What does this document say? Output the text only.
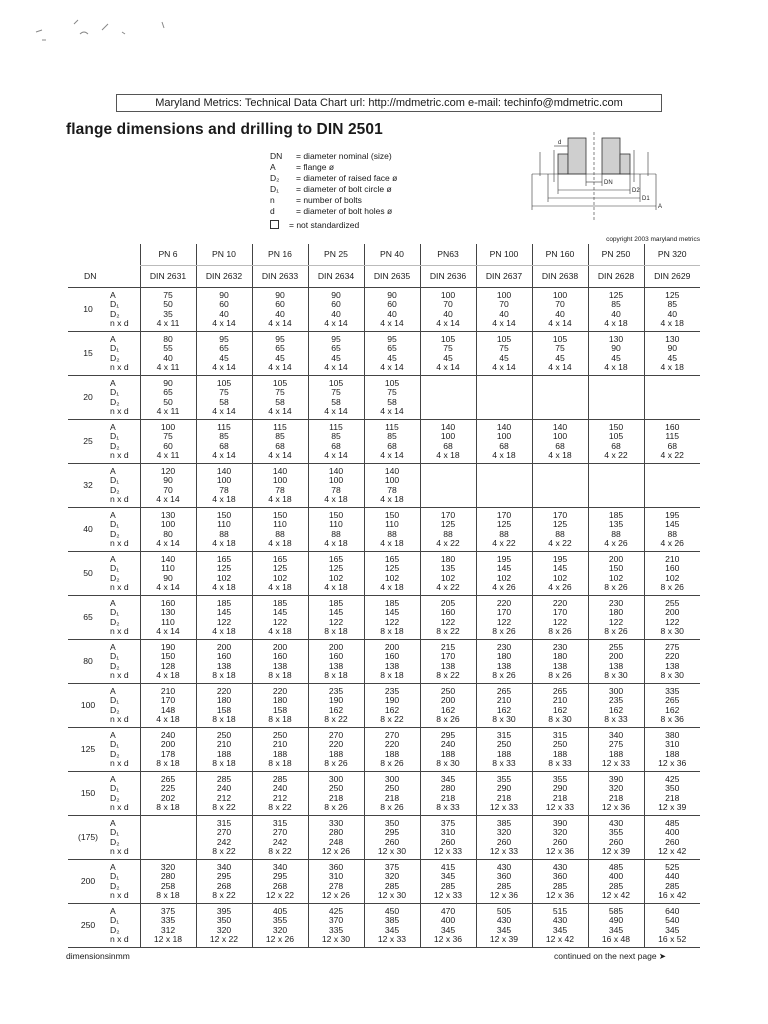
Maryland Metrics: Technical Data Chart url: http://mdmetric.com e-mail: techinfo@mdmetric.com
flange dimensions and drilling to DIN 2501
DN = diameter nominal (size)
A = flange ø
D₂ = diameter of raised face ø
D₁ = diameter of bolt circle ø
n	= number of bolts
d	= diameter of bolt holes ø
= not standardized
d
DN
D2
D1
A
copyright 2003 maryland metrics
		PN 6	PN 10	PN 16	PN 25	PN 40	PN63	PN 100	PN 160	PN 250	PN 320
DN		DIN 2631	DIN 2632	DIN 2633	DIN 2634	DIN 2635	DIN 2636	DIN 2637	DIN 2638	DIN 2628	DIN 2629
10	A
D₁
D₂
n x d	75
50
35
4 x 11	90
60
40
4 x 14	90
60
40
4 x 14	90
60
40
4 x 14	90
60
40
4 x 14	100
70
40
4 x 14	100
70
40
4 x 14	100
70
40
4 x 14	125
85
40
4 x 18	125
85
40
4 x 18

15	A
D₁
D₂
n x d	80
55
40
4 x 11	95
65
45
4 x 14	95
65
45
4 x 14	95
65
45
4 x 14	95
65
45
4 x 14	105
75
45
4 x 14	105
75
45
4 x 14	105
75
45
4 x 14	130
90
45
4 x 18	130
90
45
4 x 18

20	A
D₁
D₂
n x d	90
65
50
4 x 11	105
75
58
4 x 14	105
75
58
4 x 14	105
75
58
4 x 14	105
75
58
4 x 14					

25	A
D₁
D₂
n x d	100
75
60
4 x 11	115
85
68
4 x 14	115
85
68
4 x 14	115
85
68
4 x 14	115
85
68
4 x 14	140
100
68
4 x 18	140
100
68
4 x 18	140
100
68
4 x 18	150
105
68
4 x 22	160
115
68
4 x 22

32	A
D₁
D₂
n x d	120
90
70
4 x 14	140
100
78
4 x 18	140
100
78
4 x 18	140
100
78
4 x 18	140
100
78
4 x 18					

40	A
D₁
D₂
n x d	130
100
80
4 x 14	150
110
88
4 x 18	150
110
88
4 x 18	150
110
88
4 x 18	150
110
88
4 x 18	170
125
88
4 x 22	170
125
88
4 x 22	170
125
88
4 x 22	185
135
88
4 x 26	195
145
88
4 x 26

50	A
D₁
D₂
n x d	140
110
90
4 x 14	165
125
102
4 x 18	165
125
102
4 x 18	165
125
102
4 x 18	165
125
102
4 x 18	180
135
102
4 x 22	195
145
102
4 x 26	195
145
102
4 x 26	200
150
102
8 x 26	210
160
102
8 x 26

65	A
D₁
D₂
n x d	160
130
110
4 x 14	185
145
122
4 x 18	185
145
122
4 x 18	185
145
122
8 x 18	185
145
122
8 x 18	205
160
122
8 x 22	220
170
122
8 x 26	220
170
122
8 x 26	230
180
122
8 x 26	255
200
122
8 x 30

80	A
D₁
D₂
n x d	190
150
128
4 x 18	200
160
138
8 x 18	200
160
138
8 x 18	200
160
138
8 x 18	200
160
138
8 x 18	215
170
138
8 x 22	230
180
138
8 x 26	230
180
138
8 x 26	255
200
138
8 x 30	275
220
138
8 x 30

100	A
D₁
D₂
n x d	210
170
148
4 x 18	220
180
158
8 x 18	220
180
158
8 x 18	235
190
162
8 x 22	235
190
162
8 x 22	250
200
162
8 x 26	265
210
162
8 x 30	265
210
162
8 x 30	300
235
162
8 x 33	335
265
162
8 x 36

125	A
D₁
D₂
n x d	240
200
178
8 x 18	250
210
188
8 x 18	250
210
188
8 x 18	270
220
188
8 x 26	270
220
188
8 x 26	295
240
188
8 x 30	315
250
188
8 x 33	315
250
188
8 x 33	340
275
188
12 x 33	380
310
188
12 x 36

150	A
D₁
D₂
n x d	265
225
202
8 x 18	285
240
212
8 x 22	285
240
212
8 x 22	300
250
218
8 x 26	300
250
218
8 x 26	345
280
218
8 x 33	355
290
218
12 x 33	355
290
218
12 x 33	390
320
218
12 x 36	425
350
218
12 x 39

(175)	A
D₁
D₂
n x d		315
270
242
8 x 22	315
270
242
8 x 22	330
280
248
12 x 26	350
295
260
12 x 30	375
310
260
12 x 33	385
320
260
12 x 33	390
320
260
12 x 36	430
355
260
12 x 39	485
400
260
12 x 42

200	A
D₁
D₂
n x d	320
280
258
8 x 18	340
295
268
8 x 22	340
295
268
12 x 22	360
310
278
12 x 26	375
320
285
12 x 30	415
345
285
12 x 33	430
360
285
12 x 36	430
360
285
12 x 36	485
400
285
12 x 42	525
440
285
16 x 42

250	A
D₁
D₂
n x d	375
335
312
12 x 18	395
350
320
12 x 22	405
355
320
12 x 26	425
370
335
12 x 30	450
385
345
12 x 33	470
400
345
12 x 36	505
430
345
12 x 39	515
430
345
12 x 42	585
490
345
16 x 48	640
540
345
16 x 52
dimensionsinmm	continued on the next page ➤
